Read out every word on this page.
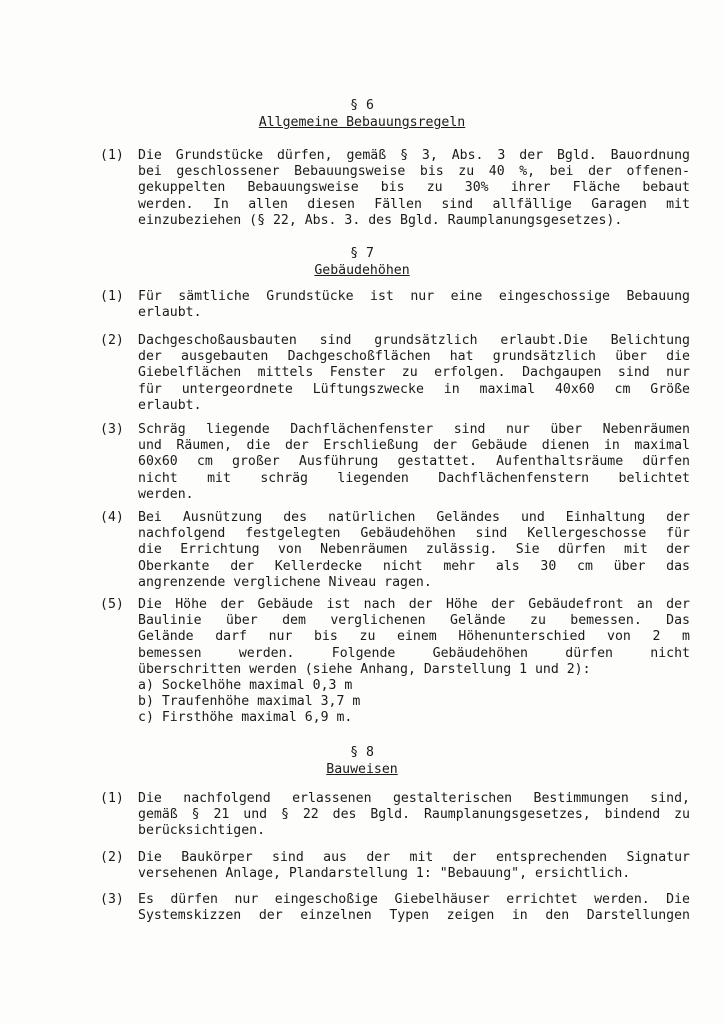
§ 6
Allgemeine Bebauungsregeln
(1)	Die Grundstücke dürfen, gemäß § 3, Abs. 3 der Bgld. Bauordnung
bei geschlossener Bebauungsweise bis zu 40 %, bei der offenen-
gekuppelten Bebauungsweise bis zu 30% ihrer Fläche bebaut
werden. In allen diesen Fällen sind allfällige Garagen mit
einzubeziehen (§ 22, Abs. 3. des Bgld. Raumplanungsgesetzes).
§ 7
Gebäudehöhen
(1)	Für sämtliche Grundstücke ist nur eine eingeschossige Bebauung
erlaubt.
(2)	Dachgeschoßausbauten sind grundsätzlich erlaubt.Die Belichtung
der ausgebauten Dachgeschoßflächen hat grundsätzlich über die
Giebelflächen mittels Fenster zu erfolgen. Dachgaupen sind nur
für untergeordnete Lüftungszwecke in maximal 40x60 cm Größe
erlaubt.
(3)	Schräg liegende Dachflächenfenster sind nur über Nebenräumen
und Räumen, die der Erschließung der Gebäude dienen in maximal
60x60 cm großer Ausführung gestattet. Aufenthaltsräume dürfen
nicht mit schräg liegenden Dachflächenfenstern belichtet
werden.
(4)	Bei Ausnützung des natürlichen Geländes und Einhaltung der
nachfolgend festgelegten Gebäudehöhen sind Kellergeschosse für
die Errichtung von Nebenräumen zulässig. Sie dürfen mit der
Oberkante der Kellerdecke nicht mehr als 30 cm über das
angrenzende verglichene Niveau ragen.
(5)	Die Höhe der Gebäude ist nach der Höhe der Gebäudefront an der
Baulinie über dem verglichenen Gelände zu bemessen. Das
Gelände darf nur bis zu einem Höhenunterschied von 2 m
bemessen werden. Folgende Gebäudehöhen dürfen nicht
überschritten werden (siehe Anhang, Darstellung 1 und 2):
a) Sockelhöhe maximal 0,3 m
b) Traufenhöhe maximal 3,7 m
c) Firsthöhe maximal 6,9 m.
§ 8
Bauweisen
(1)	Die nachfolgend erlassenen gestalterischen Bestimmungen sind,
gemäß § 21 und § 22 des Bgld. Raumplanungsgesetzes, bindend zu
berücksichtigen.
(2)	Die Baukörper sind aus der mit der entsprechenden Signatur
versehenen Anlage, Plandarstellung 1: "Bebauung", ersichtlich.
(3)	Es dürfen nur eingeschoßige Giebelhäuser errichtet werden. Die
Systemskizzen der einzelnen Typen zeigen in den Darstellungen
